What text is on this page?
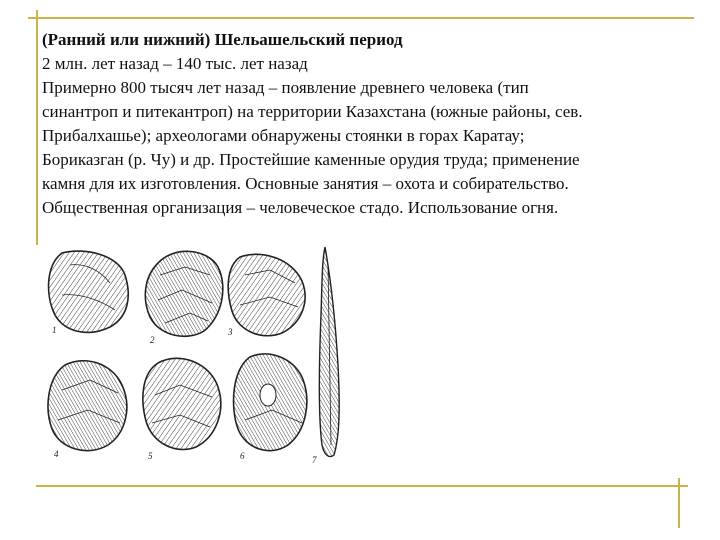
(Ранний или нижний) Шельашельский период
2 млн. лет назад – 140 тыс. лет назад
Примерно 800 тысяч лет назад – появление древнего человека (тип
синантроп и питекантроп) на территории Казахстана (южные районы, сев.
Прибалхашье); археологами обнаружены стоянки в горах Каратау;
Бориказган (р. Чу) и др. Простейшие каменные орудия труда; применение
камня для их изготовления. Основные занятия – охота и собирательство.
Общественная организация – человеческое стадо. Использование огня.
1
2
3
7
4	5	6
